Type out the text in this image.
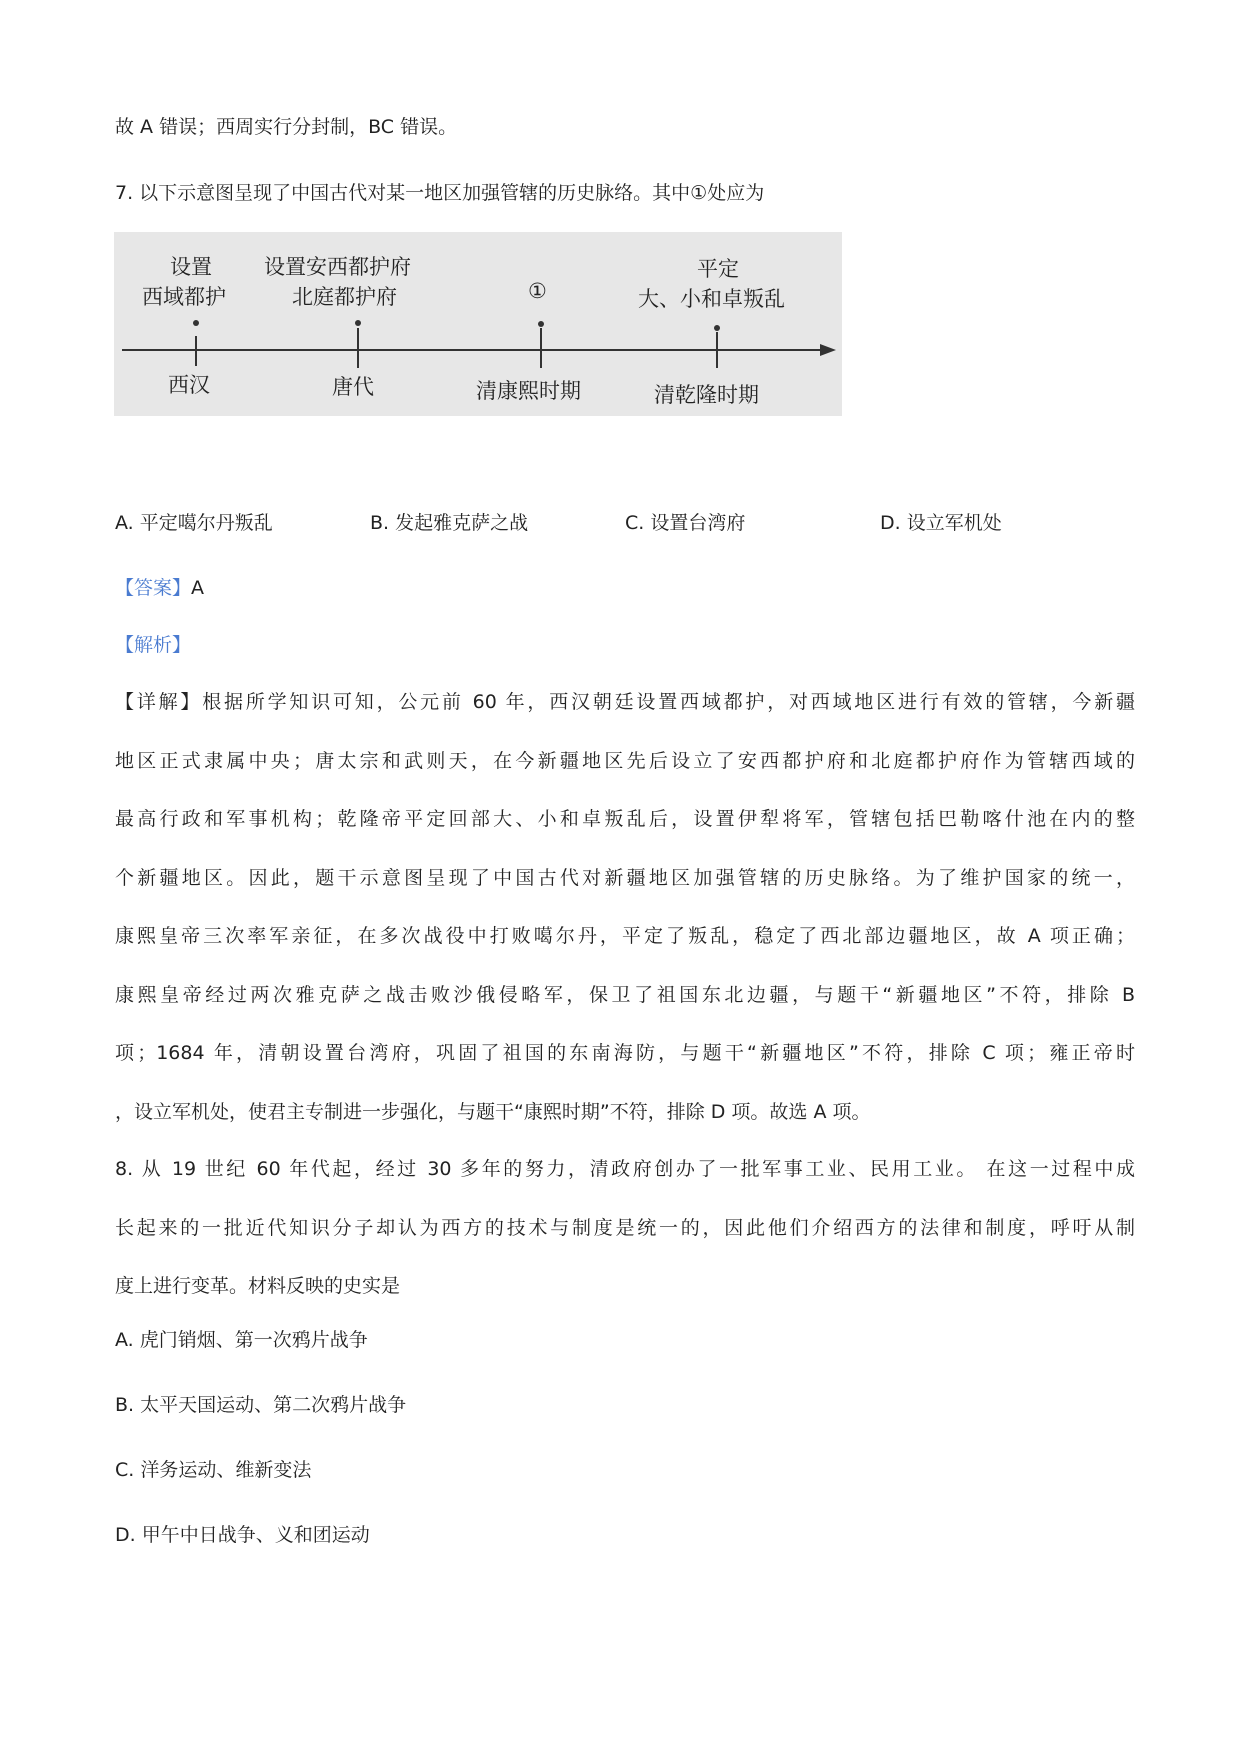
故 A 错误；西周实行分封制，BC 错误。
7. 以下示意图呈现了中国古代对某一地区加强管辖的历史脉络。其中①处应为
设置
西域都护
设置安西都护府
北庭都护府	①
平定
大、小和卓叛乱
西汉	唐代	清康熙时期	清乾隆时期
A. 平定噶尔丹叛乱	B. 发起雅克萨之战	C. 设置台湾府	D. 设立军机处
【答案】A
【解析】
【详解】根据所学知识可知，公元前 60 年，西汉朝廷设置西域都护，对西域地区进行有效的管辖，今新疆
地区正式隶属中央；唐太宗和武则天，在今新疆地区先后设立了安西都护府和北庭都护府作为管辖西域的
最高行政和军事机构；乾隆帝平定回部大、小和卓叛乱后，设置伊犁将军，管辖包括巴勒喀什池在内的整
个新疆地区。因此，题干示意图呈现了中国古代对新疆地区加强管辖的历史脉络。为了维护国家的统一，
康熙皇帝三次率军亲征，在多次战役中打败噶尔丹，平定了叛乱，稳定了西北部边疆地区，故 A 项正确；
康熙皇帝经过两次雅克萨之战击败沙俄侵略军，保卫了祖国东北边疆，与题干“新疆地区”不符，排除 B
项；1684 年，清朝设置台湾府，巩固了祖国的东南海防，与题干“新疆地区”不符，排除 C 项；雍正帝时
，设立军机处，使君主专制进一步强化，与题干“康熙时期”不符，排除 D 项。故选 A 项。
8. 从 19 世纪 60 年代起，经过 30 多年的努力，清政府创办了一批军事工业、民用工业。 在这一过程中成
长起来的一批近代知识分子却认为西方的技术与制度是统一的，因此他们介绍西方的法律和制度，呼吁从制
度上进行变革。材料反映的史实是
A. 虎门销烟、第一次鸦片战争
B. 太平天国运动、第二次鸦片战争
C. 洋务运动、维新变法
D. 甲午中日战争、义和团运动
